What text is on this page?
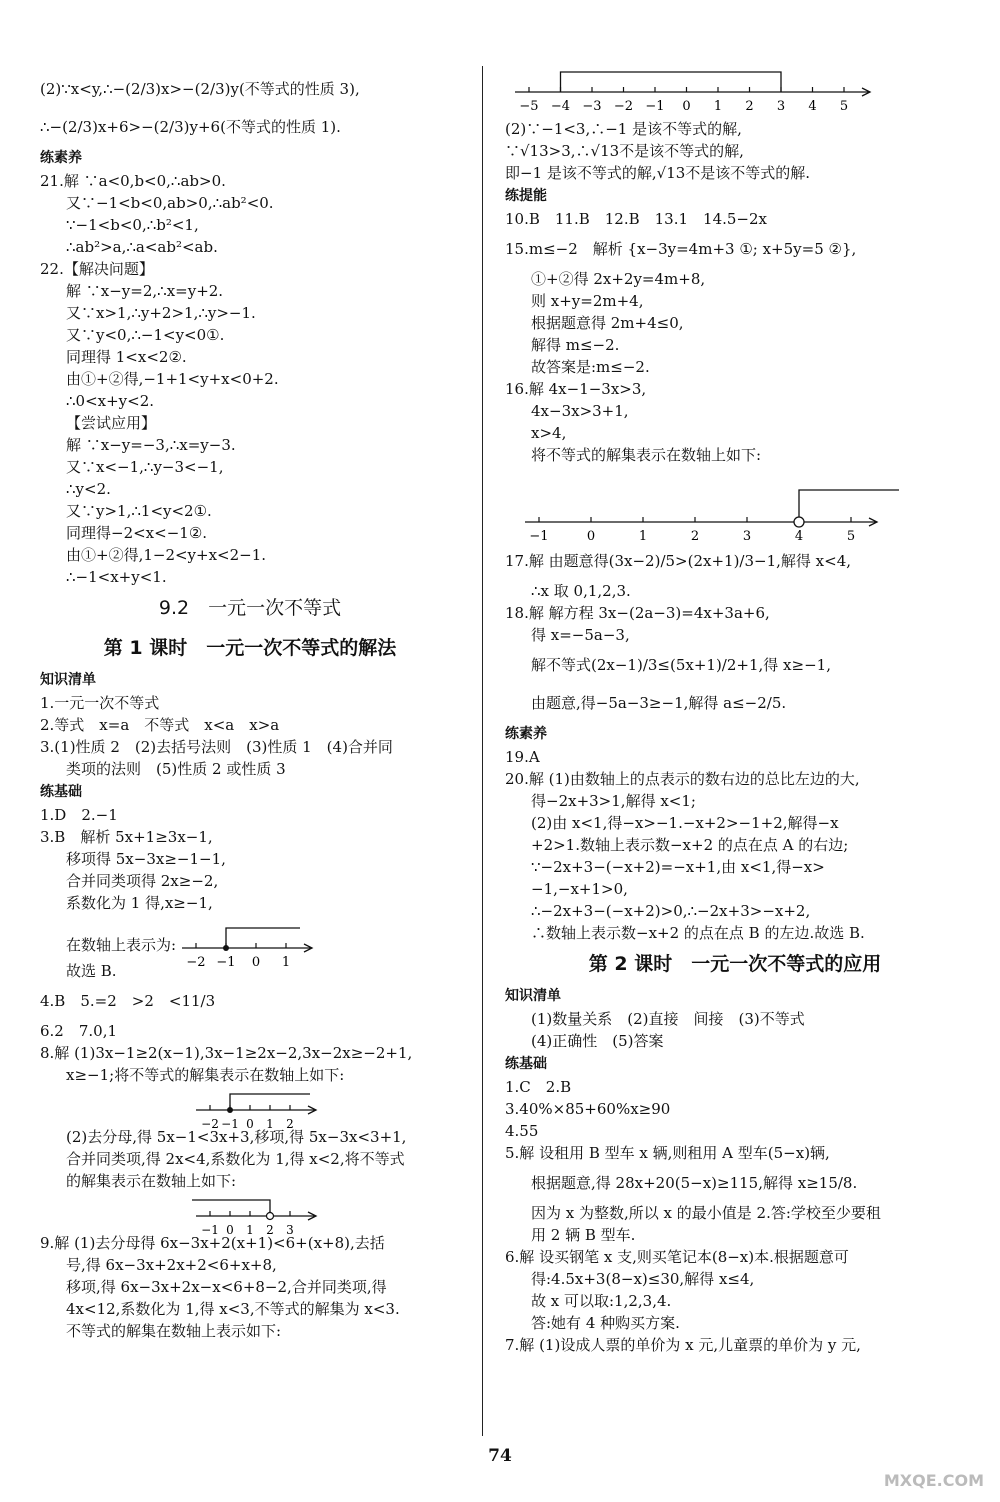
(2)∵x<y,∴−(2/3)x>−(2/3)y(不等式的性质 3),
∴−(2/3)x+6>−(2/3)y+6(不等式的性质 1).
练素养
21.解 ∵a<0,b<0,∴ab>0.
又∵−1<b<0,ab>0,∴ab²<0.
∵−1<b<0,∴b²<1,
∴ab²>a,∴a<ab²<ab.
22.【解决问题】
解 ∵x−y=2,∴x=y+2.
又∵x>1,∴y+2>1,∴y>−1.
又∵y<0,∴−1<y<0①.
同理得 1<x<2②.
由①+②得,−1+1<y+x<0+2.
∴0<x+y<2.
【尝试应用】
解 ∵x−y=−3,∴x=y−3.
又∵x<−1,∴y−3<−1,
∴y<2.
又∵y>1,∴1<y<2①.
同理得−2<x<−1②.
由①+②得,1−2<y+x<2−1.
∴−1<x+y<1.
9.2　一元一次不等式
第 1 课时　一元一次不等式的解法
知识清单
1.一元一次不等式
2.等式　x=a　不等式　x<a　x>a
3.(1)性质 2　(2)去括号法则　(3)性质 1　(4)合并同
类项的法则　(5)性质 2 或性质 3
练基础
1.D　2.−1
3.B　解析 5x+1≥3x−1,
移项得 5x−3x≥−1−1,
合并同类项得 2x≥−2,
系数化为 1 得,x≥−1,
在数轴上表示为:
−2 −1 0 1
故选 B.
4.B　5.=2　>2　<11/3
6.2　7.0,1
8.解 (1)3x−1≥2(x−1),3x−1≥2x−2,3x−2x≥−2+1,
x≥−1;将不等式的解集表示在数轴上如下:
−2 −1 0 1 2
(2)去分母,得 5x−1<3x+3,移项,得 5x−3x<3+1,
合并同类项,得 2x<4,系数化为 1,得 x<2,将不等式
的解集表示在数轴上如下:
−1 0 1 2 3
9.解 (1)去分母得 6x−3x+2(x+1)<6+(x+8),去括
号,得 6x−3x+2x+2<6+x+8,
移项,得 6x−3x+2x−x<6+8−2,合并同类项,得
4x<12,系数化为 1,得 x<3,不等式的解集为 x<3.
不等式的解集在数轴上表示如下:
−5 −4 −3 −2 −1 0 1 2 3 4 5
(2)∵−1<3,∴−1 是该不等式的解,
∵√13>3,∴√13不是该不等式的解,
即−1 是该不等式的解,√13不是该不等式的解.
练提能
10.B　11.B　12.B　13.1　14.5−2x
15.m≤−2　解析 {x−3y=4m+3 ①; x+5y=5 ②},
①+②得 2x+2y=4m+8,
则 x+y=2m+4,
根据题意得 2m+4≤0,
解得 m≤−2.
故答案是:m≤−2.
16.解 4x−1−3x>3,
4x−3x>3+1,
x>4,
将不等式的解集表示在数轴上如下:
−1	0	1	2	3	4	5
17.解 由题意得(3x−2)/5>(2x+1)/3−1,解得 x<4,
∴x 取 0,1,2,3.
18.解 解方程 3x−(2a−3)=4x+3a+6,
得 x=−5a−3,
解不等式(2x−1)/3≤(5x+1)/2+1,得 x≥−1,
由题意,得−5a−3≥−1,解得 a≤−2/5.
练素养
19.A
20.解 (1)由数轴上的点表示的数右边的总比左边的大,
得−2x+3>1,解得 x<1;
(2)由 x<1,得−x>−1.−x+2>−1+2,解得−x
+2>1.数轴上表示数−x+2 的点在点 A 的右边;
∵−2x+3−(−x+2)=−x+1,由 x<1,得−x>
−1,−x+1>0,
∴−2x+3−(−x+2)>0,∴−2x+3>−x+2,
∴数轴上表示数−x+2 的点在点 B 的左边.故选 B.
第 2 课时　一元一次不等式的应用
知识清单
(1)数量关系　(2)直接　间接　(3)不等式
(4)正确性　(5)答案
练基础
1.C　2.B
3.40%×85+60%x≥90
4.55
5.解 设租用 B 型车 x 辆,则租用 A 型车(5−x)辆,
根据题意,得 28x+20(5−x)≥115,解得 x≥15/8.
因为 x 为整数,所以 x 的最小值是 2.答:学校至少要租
用 2 辆 B 型车.
6.解 设买钢笔 x 支,则买笔记本(8−x)本.根据题意可
得:4.5x+3(8−x)≤30,解得 x≤4,
故 x 可以取:1,2,3,4.
答:她有 4 种购买方案.
7.解 (1)设成人票的单价为 x 元,儿童票的单价为 y 元,
74
MXQE.COM
